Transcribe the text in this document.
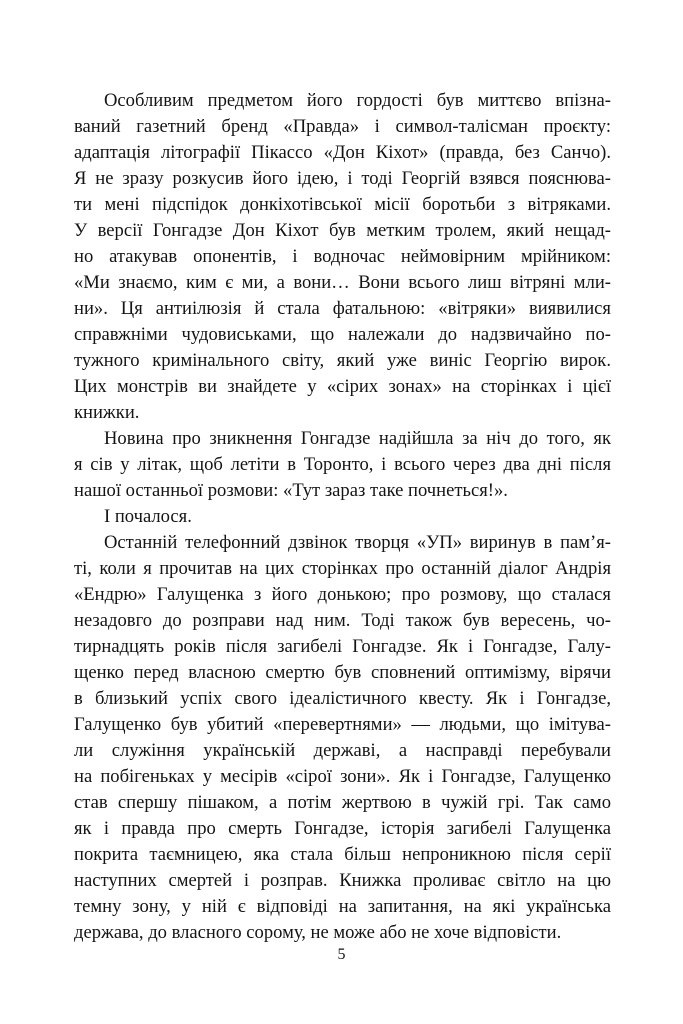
Особливим предметом його гордості був миттєво впізна-
ваний газетний бренд «Правда» і символ-талісман проєкту:
адаптація літографії Пікассо «Дон Кіхот» (правда, без Санчо).
Я не зразу розкусив його ідею, і тоді Георгій взявся пояснюва-
ти мені підспідок донкіхотівської місії боротьби з вітряками.
У версії Гонгадзе Дон Кіхот був метким тролем, який нещад-
но атакував опонентів, і водночас неймовірним мрійником:
«Ми знаємо, ким є ми, а вони… Вони всього лиш вітряні мли-
ни». Ця антиілюзія й стала фатальною: «вітряки» виявилися
справжніми чудовиськами, що належали до надзвичайно по-
тужного кримінального світу, який уже виніс Георгію вирок.
Цих монстрів ви знайдете у «сірих зонах» на сторінках і цієї
книжки.
Новина про зникнення Гонгадзе надійшла за ніч до того, як
я сів у літак, щоб летіти в Торонто, і всього через два дні після
нашої останньої розмови: «Тут зараз таке почнеться!».
І почалося.
Останній телефонний дзвінок творця «УП» виринув в пам’я-
ті, коли я прочитав на цих сторінках про останній діалог Андрія
«Ендрю» Галущенка з його донькою; про розмову, що сталася
незадовго до розправи над ним. Тоді також був вересень, чо-
тирнадцять років після загибелі Гонгадзе. Як і Гонгадзе, Галу-
щенко перед власною смертю був сповнений оптимізму, вірячи
в близький успіх свого ідеалістичного квесту. Як і Гонгадзе,
Галущенко був убитий «перевертнями» — людьми, що імітува-
ли служіння українській державі, а насправді перебували
на побігеньках у месірів «сірої зони». Як і Гонгадзе, Галущенко
став спершу пішаком, а потім жертвою в чужій грі. Так само
як і правда про смерть Гонгадзе, історія загибелі Галущенка
покрита таємницею, яка стала більш непроникною після серії
наступних смертей і розправ. Книжка проливає світло на цю
темну зону, у ній є відповіді на запитання, на які українська
держава, до власного сорому, не може або не хоче відповісти.
5
